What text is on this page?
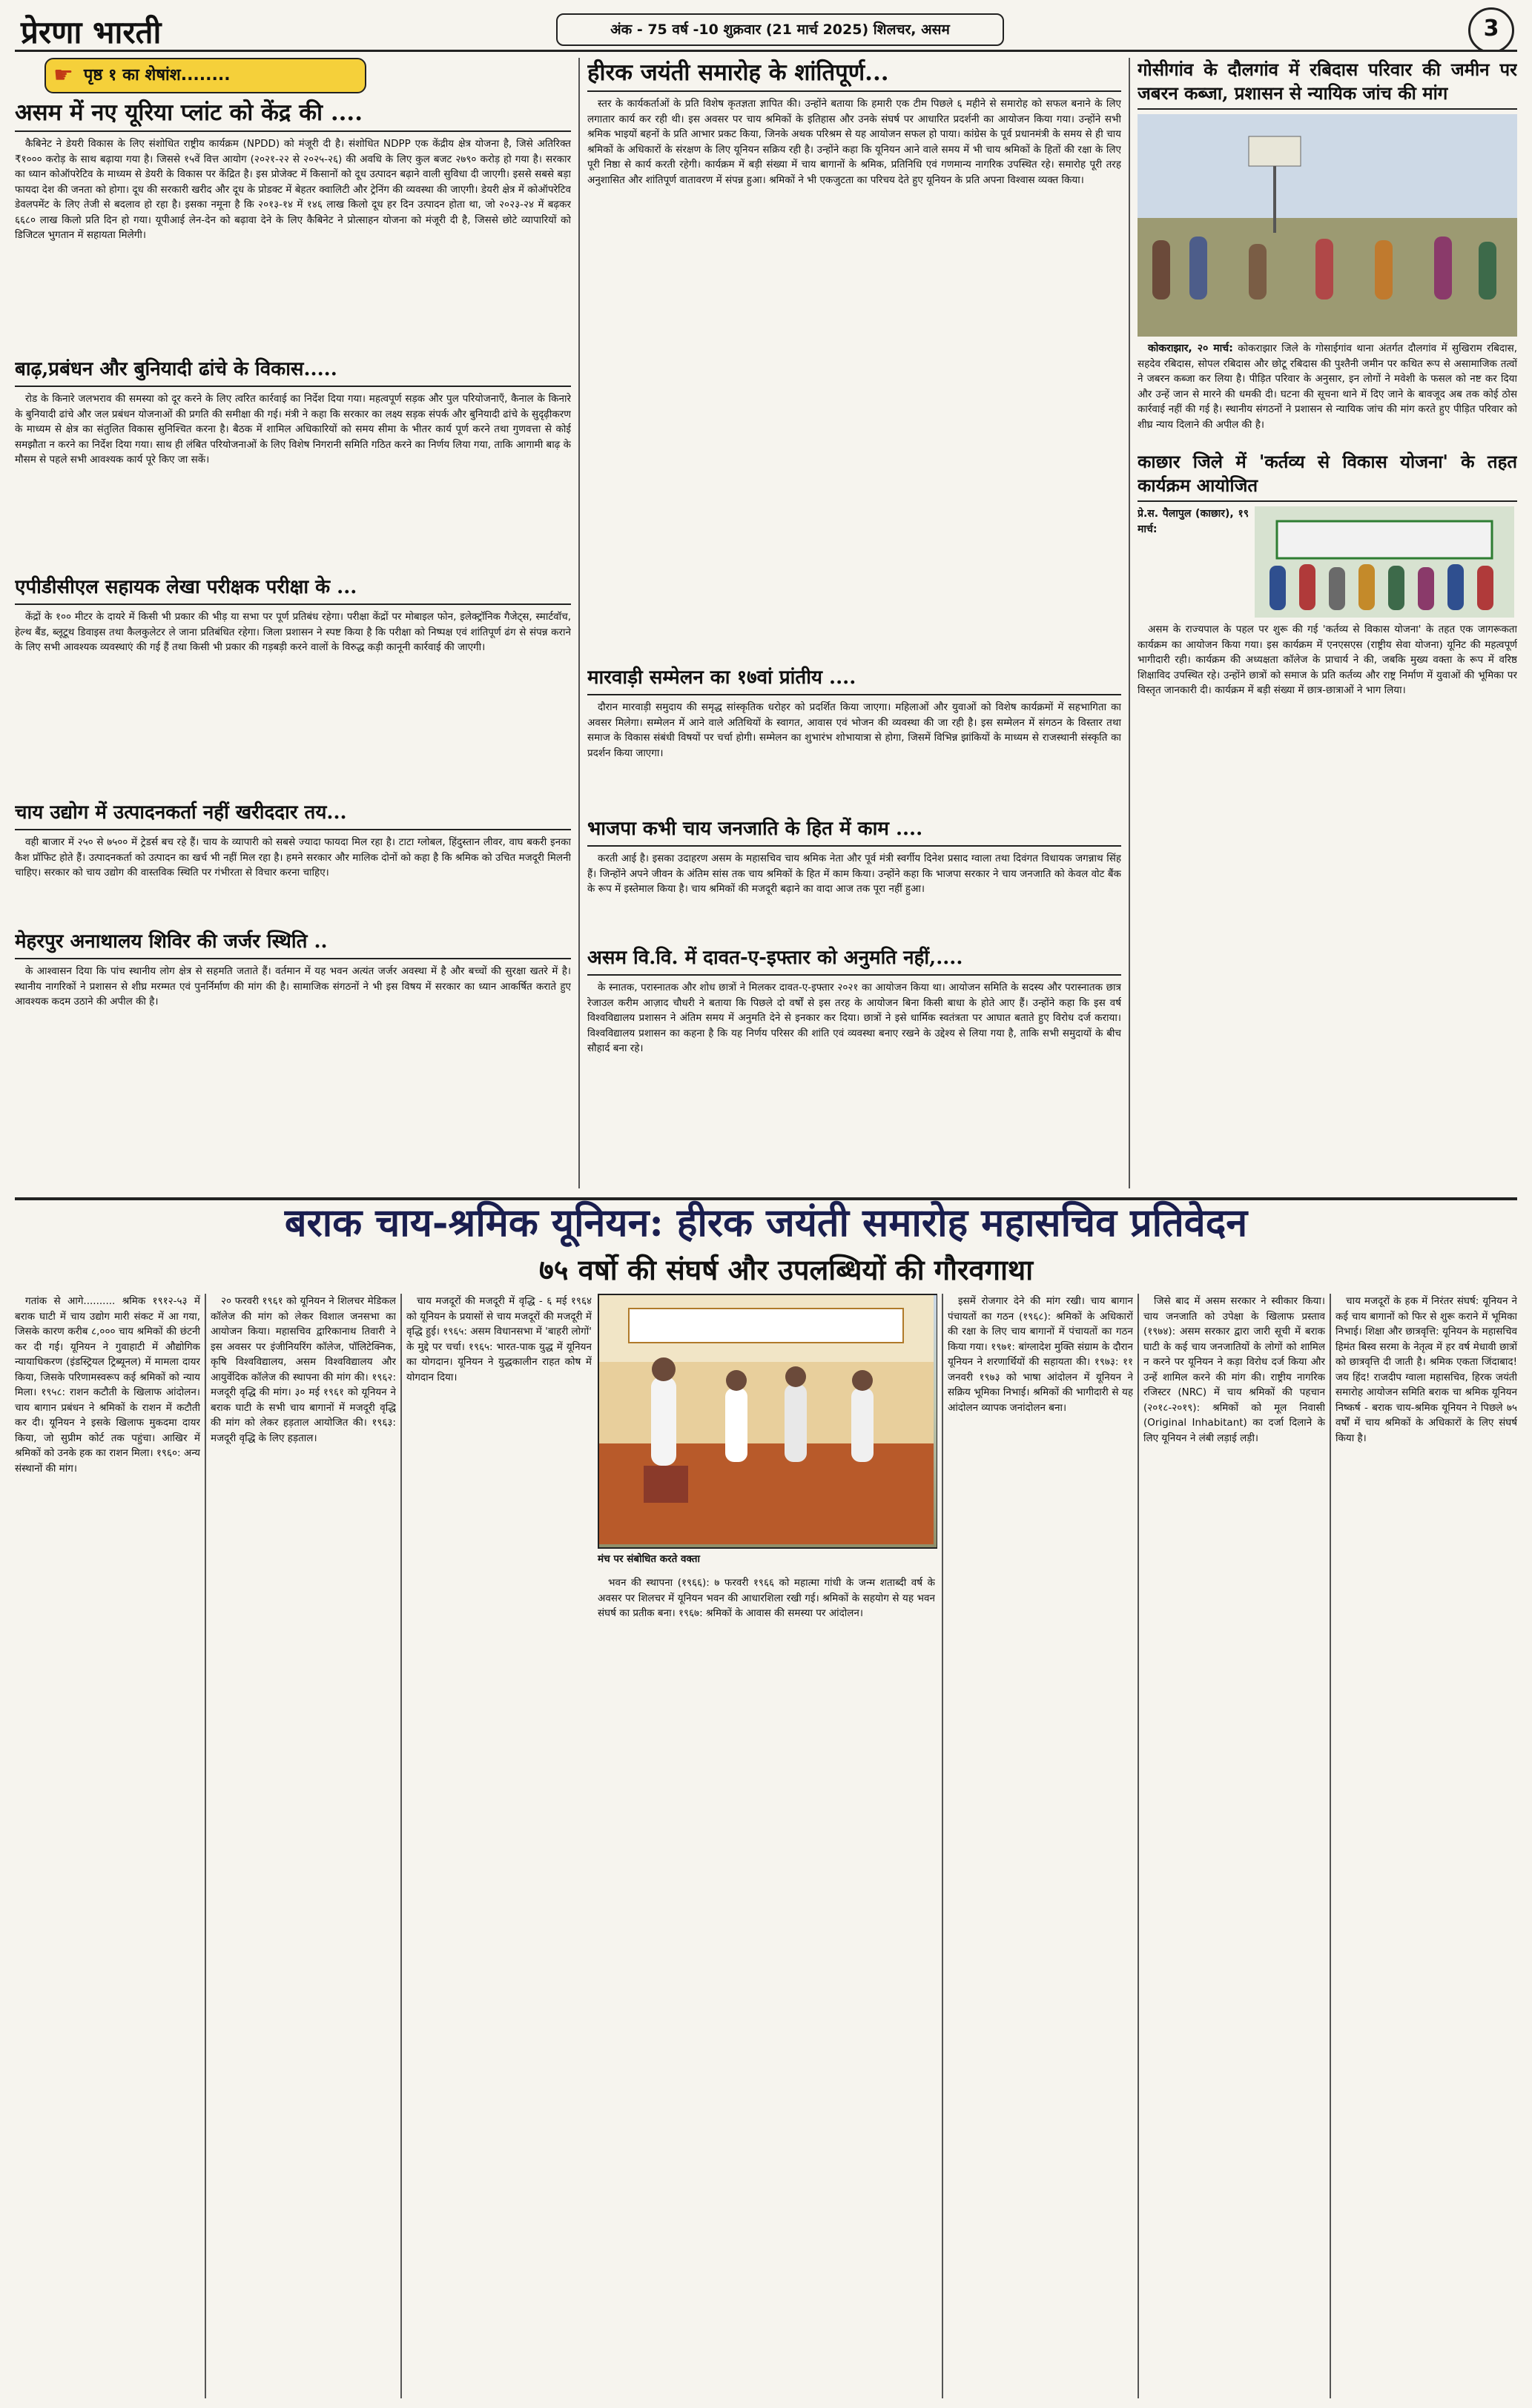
प्रेरणा भारती	अंक - 75 वर्ष -10 शुक्रवार (21 मार्च 2025) शिलचर, असम	3
☛ पृष्ठ १ का शेषांश........
असम में नए यूरिया प्लांट को केंद्र की ....

कैबिनेट ने डेयरी विकास के लिए संशोधित राष्ट्रीय कार्यक्रम (NPDD) को मंजूरी दी है। संशोधित NDPP एक केंद्रीय क्षेत्र योजना है, जिसे अतिरिक्त ₹१००० करोड़ के साथ बढ़ाया गया है। जिससे १५वें वित्त आयोग (२०२१-२२ से २०२५-२६) की अवधि के लिए कुल बजट २७९० करोड़ हो गया है। सरकार का ध्यान कोऑपरेटिव के माध्यम से डेयरी के विकास पर केंद्रित है। इस प्रोजेक्ट में किसानों को दूध उत्पादन बढ़ाने वाली सुविधा दी जाएगी। इससे सबसे बड़ा फायदा देश की जनता को होगा। दूध की सरकारी खरीद और दूध के प्रोडक्ट में बेहतर क्वालिटी और ट्रेनिंग की व्यवस्था की जाएगी। डेयरी क्षेत्र में कोऑपरेटिव डेवलपमेंट के लिए तेजी से बदलाव हो रहा है। इसका नमूना है कि २०१३-१४ में १४६ लाख किलो दूध हर दिन उत्पादन होता था, जो २०२३-२४ में बढ़कर ६६८० लाख किलो प्रति दिन हो गया। यूपीआई लेन-देन को बढ़ावा देने के लिए कैबिनेट ने प्रोत्साहन योजना को मंजूरी दी है, जिससे छोटे व्यापारियों को डिजिटल भुगतान में सहायता मिलेगी।

बाढ़,प्रबंधन और बुनियादी ढांचे के विकास.....

रोड के किनारे जलभराव की समस्या को दूर करने के लिए त्वरित कार्रवाई का निर्देश दिया गया। महत्वपूर्ण सड़क और पुल परियोजनाएँ, कैनाल के किनारे के बुनियादी ढांचे और जल प्रबंधन योजनाओं की प्रगति की समीक्षा की गई। मंत्री ने कहा कि सरकार का लक्ष्य सड़क संपर्क और बुनियादी ढांचे के सुदृढ़ीकरण के माध्यम से क्षेत्र का संतुलित विकास सुनिश्चित करना है। बैठक में शामिल अधिकारियों को समय सीमा के भीतर कार्य पूर्ण करने तथा गुणवत्ता से कोई समझौता न करने का निर्देश दिया गया। साथ ही लंबित परियोजनाओं के लिए विशेष निगरानी समिति गठित करने का निर्णय लिया गया, ताकि आगामी बाढ़ के मौसम से पहले सभी आवश्यक कार्य पूरे किए जा सकें।

एपीडीसीएल सहायक लेखा परीक्षक परीक्षा के ...

केंद्रों के १०० मीटर के दायरे में किसी भी प्रकार की भीड़ या सभा पर पूर्ण प्रतिबंध रहेगा। परीक्षा केंद्रों पर मोबाइल फोन, इलेक्ट्रॉनिक गैजेट्स, स्मार्टवॉच, हेल्थ बैंड, ब्लूटूथ डिवाइस तथा कैलकुलेटर ले जाना प्रतिबंधित रहेगा। जिला प्रशासन ने स्पष्ट किया है कि परीक्षा को निष्पक्ष एवं शांतिपूर्ण ढंग से संपन्न कराने के लिए सभी आवश्यक व्यवस्थाएं की गई हैं तथा किसी भी प्रकार की गड़बड़ी करने वालों के विरुद्ध कड़ी कानूनी कार्रवाई की जाएगी।

चाय उद्योग में उत्पादनकर्ता नहीं खरीददार तय...

वही बाजार में २५० से ७५०० में ट्रेडर्स बच रहे हैं। चाय के व्यापारी को सबसे ज्यादा फायदा मिल रहा है। टाटा ग्लोबल, हिंदुस्तान लीवर, वाघ बकरी इनका कैश प्रॉफिट होते हैं। उत्पादनकर्ता को उत्पादन का खर्च भी नहीं मिल रहा है। हमने सरकार और मालिक दोनों को कहा है कि श्रमिक को उचित मजदूरी मिलनी चाहिए। सरकार को चाय उद्योग की वास्तविक स्थिति पर गंभीरता से विचार करना चाहिए।

मेहरपुर अनाथालय शिविर की जर्जर स्थिति ..

के आश्वासन दिया कि पांच स्थानीय लोग क्षेत्र से सहमति जताते हैं। वर्तमान में यह भवन अत्यंत जर्जर अवस्था में है और बच्चों की सुरक्षा खतरे में है। स्थानीय नागरिकों ने प्रशासन से शीघ्र मरम्मत एवं पुनर्निर्माण की मांग की है। सामाजिक संगठनों ने भी इस विषय में सरकार का ध्यान आकर्षित कराते हुए आवश्यक कदम उठाने की अपील की है।

हीरक जयंती समारोह के शांतिपूर्ण...

स्तर के कार्यकर्ताओं के प्रति विशेष कृतज्ञता ज्ञापित की। उन्होंने बताया कि हमारी एक टीम पिछले ६ महीने से समारोह को सफल बनाने के लिए लगातार कार्य कर रही थी। इस अवसर पर चाय श्रमिकों के इतिहास और उनके संघर्ष पर आधारित प्रदर्शनी का आयोजन किया गया। उन्होंने सभी श्रमिक भाइयों बहनों के प्रति आभार प्रकट किया, जिनके अथक परिश्रम से यह आयोजन सफल हो पाया। कांग्रेस के पूर्व प्रधानमंत्री के समय से ही चाय श्रमिकों के अधिकारों के संरक्षण के लिए यूनियन सक्रिय रही है। उन्होंने कहा कि यूनियन आने वाले समय में भी चाय श्रमिकों के हितों की रक्षा के लिए पूरी निष्ठा से कार्य करती रहेगी। कार्यक्रम में बड़ी संख्या में चाय बागानों के श्रमिक, प्रतिनिधि एवं गणमान्य नागरिक उपस्थित रहे। समारोह पूरी तरह अनुशासित और शांतिपूर्ण वातावरण में संपन्न हुआ। श्रमिकों ने भी एकजुटता का परिचय देते हुए यूनियन के प्रति अपना विश्वास व्यक्त किया।

मारवाड़ी सम्मेलन का १७वां प्रांतीय ....

दौरान मारवाड़ी समुदाय की समृद्ध सांस्कृतिक धरोहर को प्रदर्शित किया जाएगा। महिलाओं और युवाओं को विशेष कार्यक्रमों में सहभागिता का अवसर मिलेगा। सम्मेलन में आने वाले अतिथियों के स्वागत, आवास एवं भोजन की व्यवस्था की जा रही है। इस सम्मेलन में संगठन के विस्तार तथा समाज के विकास संबंधी विषयों पर चर्चा होगी। सम्मेलन का शुभारंभ शोभायात्रा से होगा, जिसमें विभिन्न झांकियों के माध्यम से राजस्थानी संस्कृति का प्रदर्शन किया जाएगा।

भाजपा कभी चाय जनजाति के हित में काम ....

करती आई है। इसका उदाहरण असम के महासचिव चाय श्रमिक नेता और पूर्व मंत्री स्वर्गीय दिनेश प्रसाद ग्वाला तथा दिवंगत विधायक जगन्नाथ सिंह हैं। जिन्होंने अपने जीवन के अंतिम सांस तक चाय श्रमिकों के हित में काम किया। उन्होंने कहा कि भाजपा सरकार ने चाय जनजाति को केवल वोट बैंक के रूप में इस्तेमाल किया है। चाय श्रमिकों की मजदूरी बढ़ाने का वादा आज तक पूरा नहीं हुआ।

असम वि.वि. में दावत-ए-इफ्तार को अनुमति नहीं,....

के स्नातक, परास्नातक और शोध छात्रों ने मिलकर दावत-ए-इफ्तार २०२१ का आयोजन किया था। आयोजन समिति के सदस्य और परास्नातक छात्र रेजाउल करीम आज़ाद चौधरी ने बताया कि पिछले दो वर्षों से इस तरह के आयोजन बिना किसी बाधा के होते आए हैं। उन्होंने कहा कि इस वर्ष विश्वविद्यालय प्रशासन ने अंतिम समय में अनुमति देने से इनकार कर दिया। छात्रों ने इसे धार्मिक स्वतंत्रता पर आघात बताते हुए विरोध दर्ज कराया। विश्वविद्यालय प्रशासन का कहना है कि यह निर्णय परिसर की शांति एवं व्यवस्था बनाए रखने के उद्देश्य से लिया गया है, ताकि सभी समुदायों के बीच सौहार्द बना रहे।

गोसीगांव के दौलगांव में रबिदास परिवार की जमीन पर जबरन कब्जा, प्रशासन से न्यायिक जांच की मांग

कोकराझार, २० मार्च: कोकराझार जिले के गोसाईगांव थाना अंतर्गत दौलगांव में सुखिराम रबिदास, सहदेव रबिदास, सोपल रबिदास और छोटू रबिदास की पुश्तैनी जमीन पर कथित रूप से असामाजिक तत्वों ने जबरन कब्जा कर लिया है। पीड़ित परिवार के अनुसार, इन लोगों ने मवेशी के फसल को नष्ट कर दिया और उन्हें जान से मारने की धमकी दी। घटना की सूचना थाने में दिए जाने के बावजूद अब तक कोई ठोस कार्रवाई नहीं की गई है। स्थानीय संगठनों ने प्रशासन से न्यायिक जांच की मांग करते हुए पीड़ित परिवार को शीघ्र न्याय दिलाने की अपील की है।

काछार जिले में 'कर्तव्य से विकास योजना' के तहत कार्यक्रम आयोजित
प्रे.स. पैलापुल (काछार), १९ मार्च:

असम के राज्यपाल के पहल पर शुरू की गई 'कर्तव्य से विकास योजना' के तहत एक जागरूकता कार्यक्रम का आयोजन किया गया। इस कार्यक्रम में एनएसएस (राष्ट्रीय सेवा योजना) यूनिट की महत्वपूर्ण भागीदारी रही। कार्यक्रम की अध्यक्षता कॉलेज के प्राचार्य ने की, जबकि मुख्य वक्ता के रूप में वरिष्ठ शिक्षाविद उपस्थित रहे। उन्होंने छात्रों को समाज के प्रति कर्तव्य और राष्ट्र निर्माण में युवाओं की भूमिका पर विस्तृत जानकारी दी। कार्यक्रम में बड़ी संख्या में छात्र-छात्राओं ने भाग लिया।

बराक चाय-श्रमिक यूनियन: हीरक जयंती समारोह महासचिव प्रतिवेदन
७५ वर्षो की संघर्ष और उपलब्धियों की गौरवगाथा

गतांक से आगे.......... श्रमिक १९१२-५३ में बराक घाटी में चाय उद्योग मारी संकट में आ गया, जिसके कारण करीब ८,००० चाय श्रमिकों की छंटनी कर दी गई। यूनियन ने गुवाहाटी में औद्योगिक न्यायाधिकरण (इंडस्ट्रियल ट्रिब्यूनल) में मामला दायर किया, जिसके परिणामस्वरूप कई श्रमिकों को न्याय मिला। १९५८: राशन कटौती के खिलाफ आंदोलन। चाय बागान प्रबंधन ने श्रमिकों के राशन में कटौती कर दी। यूनियन ने इसके खिलाफ मुकदमा दायर किया, जो सुप्रीम कोर्ट तक पहुंचा। आखिर में श्रमिकों को उनके हक का राशन मिला। १९६०: अन्य संस्थानों की मांग।

२० फरवरी १९६१ को यूनियन ने शिलचर मेडिकल कॉलेज की मांग को लेकर विशाल जनसभा का आयोजन किया। महासचिव द्वारिकानाथ तिवारी ने इस अवसर पर इंजीनियरिंग कॉलेज, पॉलिटेक्निक, कृषि विश्वविद्यालय, असम विश्वविद्यालय और आयुर्वेदिक कॉलेज की स्थापना की मांग की। १९६२: मजदूरी वृद्धि की मांग। ३० मई १९६१ को यूनियन ने बराक घाटी के सभी चाय बागानों में मजदूरी वृद्धि की मांग को लेकर हड़ताल आयोजित की। १९६३: मजदूरी वृद्धि के लिए हड़ताल।

चाय मजदूरों की मजदूरी में वृद्धि - ६ मई १९६४ को यूनियन के प्रयासों से चाय मजदूरों की मजदूरी में वृद्धि हुई। १९६५: असम विधानसभा में 'बाहरी लोगों' के मुद्दे पर चर्चा। १९६५: भारत-पाक युद्ध में यूनियन का योगदान। यूनियन ने युद्धकालीन राहत कोष में योगदान दिया।

मंच पर संबोधित करते वक्ता

भवन की स्थापना (१९६६): ७ फरवरी १९६६ को महात्मा गांधी के जन्म शताब्दी वर्ष के अवसर पर शिलचर में यूनियन भवन की आधारशिला रखी गई। श्रमिकों के सहयोग से यह भवन संघर्ष का प्रतीक बना। १९६७: श्रमिकों के आवास की समस्या पर आंदोलन।

इसमें रोजगार देने की मांग रखी। चाय बागान पंचायतों का गठन (१९६८): श्रमिकों के अधिकारों की रक्षा के लिए चाय बागानों में पंचायतों का गठन किया गया। १९७१: बांग्लादेश मुक्ति संग्राम के दौरान यूनियन ने शरणार्थियों की सहायता की। १९७३: ११ जनवरी १९७३ को भाषा आंदोलन में यूनियन ने सक्रिय भूमिका निभाई। श्रमिकों की भागीदारी से यह आंदोलन व्यापक जनांदोलन बना।

जिसे बाद में असम सरकार ने स्वीकार किया। चाय जनजाति को उपेक्षा के खिलाफ प्रस्ताव (१९७४): असम सरकार द्वारा जारी सूची में बराक घाटी के कई चाय जनजातियों के लोगों को शामिल न करने पर यूनियन ने कड़ा विरोध दर्ज किया और उन्हें शामिल करने की मांग की। राष्ट्रीय नागरिक रजिस्टर (NRC) में चाय श्रमिकों की पहचान (२०१८-२०१९): श्रमिकों को मूल निवासी (Original Inhabitant) का दर्जा दिलाने के लिए यूनियन ने लंबी लड़ाई लड़ी।

चाय मजदूरों के हक में निरंतर संघर्ष: यूनियन ने कई चाय बागानों को फिर से शुरू कराने में भूमिका निभाई। शिक्षा और छात्रवृत्ति: यूनियन के महासचिव हिमंत बिस्व सरमा के नेतृत्व में हर वर्ष मेधावी छात्रों को छात्रवृत्ति दी जाती है। श्रमिक एकता जिंदाबाद! जय हिंद! राजदीप ग्वाला महासचिव, हिरक जयंती समारोह आयोजन समिति बराक चा श्रमिक यूनियन निष्कर्ष - बराक चाय-श्रमिक यूनियन ने पिछले ७५ वर्षों में चाय श्रमिकों के अधिकारों के लिए संघर्ष किया है।
